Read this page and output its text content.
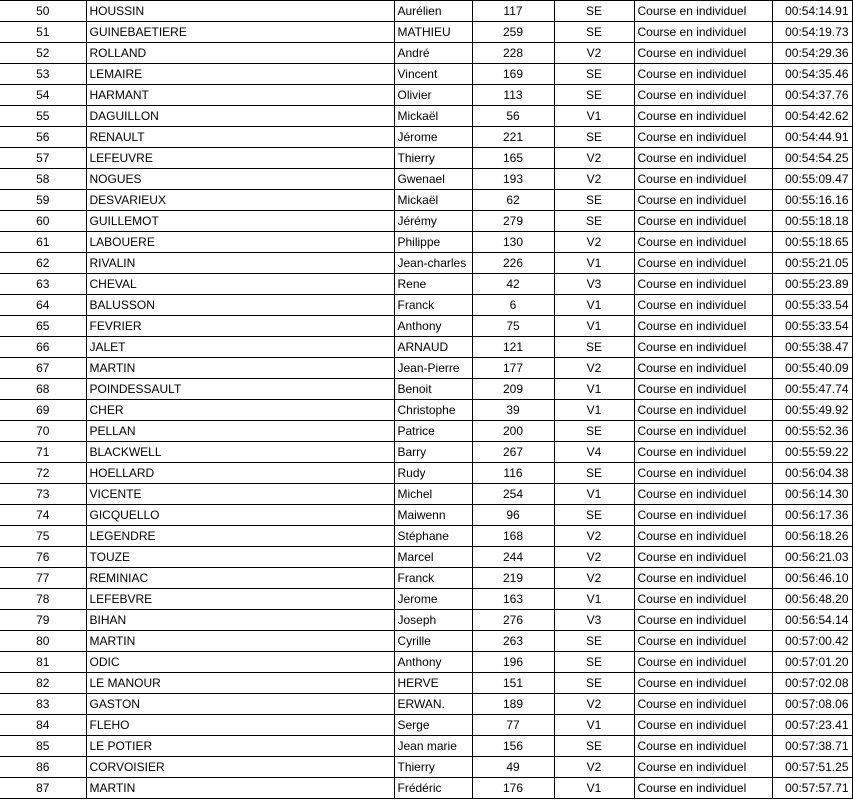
50	HOUSSIN	Aurélien	117	SE	Course en individuel	00:54:14.91
51	GUINEBAETIERE	MATHIEU	259	SE	Course en individuel	00:54:19.73
52	ROLLAND	André	228	V2	Course en individuel	00:54:29.36
53	LEMAIRE	Vincent	169	SE	Course en individuel	00:54:35.46
54	HARMANT	Olivier	113	SE	Course en individuel	00:54:37.76
55	DAGUILLON	Mickaël	56	V1	Course en individuel	00:54:42.62
56	RENAULT	Jérome	221	SE	Course en individuel	00:54:44.91
57	LEFEUVRE	Thierry	165	V2	Course en individuel	00:54:54.25
58	NOGUES	Gwenael	193	V2	Course en individuel	00:55:09.47
59	DESVARIEUX	Mickaël	62	SE	Course en individuel	00:55:16.16
60	GUILLEMOT	Jérémy	279	SE	Course en individuel	00:55:18.18
61	LABOUERE	Philippe	130	V2	Course en individuel	00:55:18.65
62	RIVALIN	Jean-charles	226	V1	Course en individuel	00:55:21.05
63	CHEVAL	Rene	42	V3	Course en individuel	00:55:23.89
64	BALUSSON	Franck	6	V1	Course en individuel	00:55:33.54
65	FEVRIER	Anthony	75	V1	Course en individuel	00:55:33.54
66	JALET	ARNAUD	121	SE	Course en individuel	00:55:38.47
67	MARTIN	Jean-Pierre	177	V2	Course en individuel	00:55:40.09
68	POINDESSAULT	Benoit	209	V1	Course en individuel	00:55:47.74
69	CHER	Christophe	39	V1	Course en individuel	00:55:49.92
70	PELLAN	Patrice	200	SE	Course en individuel	00:55:52.36
71	BLACKWELL	Barry	267	V4	Course en individuel	00:55:59.22
72	HOELLARD	Rudy	116	SE	Course en individuel	00:56:04.38
73	VICENTE	Michel	254	V1	Course en individuel	00:56:14.30
74	GICQUELLO	Maiwenn	96	SE	Course en individuel	00:56:17.36
75	LEGENDRE	Stéphane	168	V2	Course en individuel	00:56:18.26
76	TOUZE	Marcel	244	V2	Course en individuel	00:56:21.03
77	REMINIAC	Franck	219	V2	Course en individuel	00:56:46.10
78	LEFEBVRE	Jerome	163	V1	Course en individuel	00:56:48.20
79	BIHAN	Joseph	276	V3	Course en individuel	00:56:54.14
80	MARTIN	Cyrille	263	SE	Course en individuel	00:57:00.42
81	ODIC	Anthony	196	SE	Course en individuel	00:57:01.20
82	LE MANOUR	HERVE	151	SE	Course en individuel	00:57:02.08
83	GASTON	ERWAN.	189	V2	Course en individuel	00:57:08.06
84	FLEHO	Serge	77	V1	Course en individuel	00:57:23.41
85	LE POTIER	Jean marie	156	SE	Course en individuel	00:57:38.71
86	CORVOISIER	Thierry	49	V2	Course en individuel	00:57:51.25
87	MARTIN	Frédéric	176	V1	Course en individuel	00:57:57.71
